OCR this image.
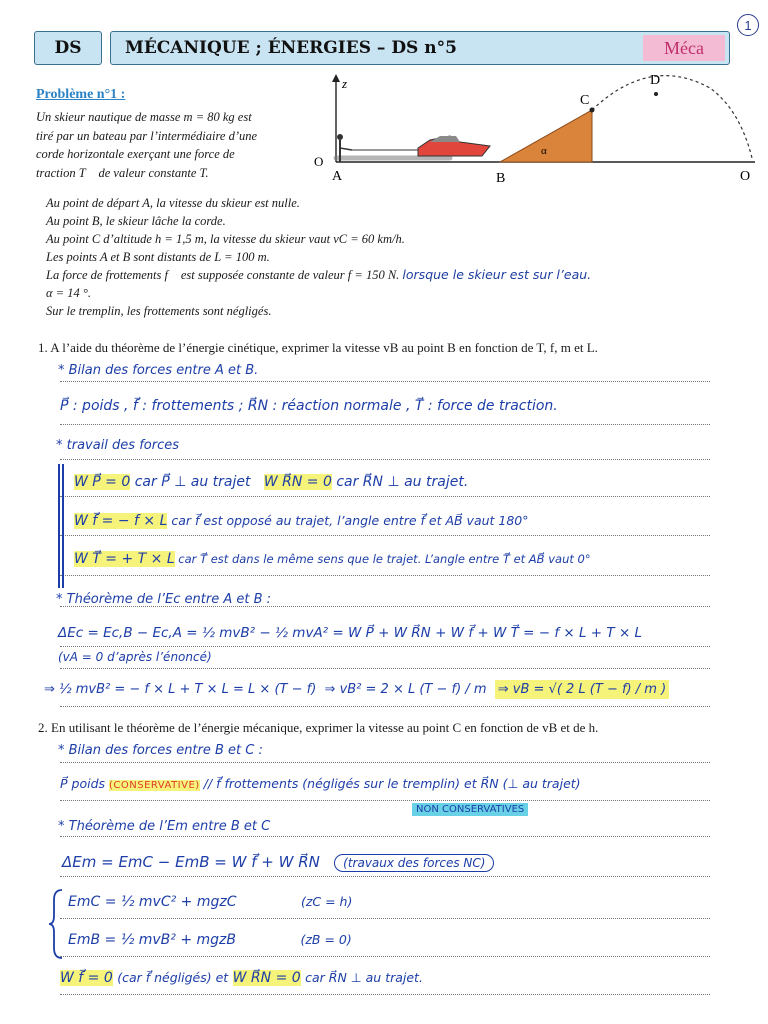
DS	MÉCANIQUE ; ÉNERGIES – DS n°5	Méca
1
Problème n°1 :
Un skieur nautique de masse m = 80 kg est
tiré par un bateau par l’intermédiaire d’une
corde horizontale exerçant une force de
traction T⃗ de valeur constante T.
z
O
α
A	B
C
D
O
Au point de départ A, la vitesse du skieur est nulle.
Au point B, le skieur lâche la corde.
Au point C d’altitude h = 1,5 m, la vitesse du skieur vaut vC = 60 km/h.
Les points A et B sont distants de L = 100 m.
La force de frottements f⃗ est supposée constante de valeur f = 150 N. lorsque le skieur est sur l’eau.
α = 14 °.
Sur le tremplin, les frottements sont négligés.
1. A l’aide du théorème de l’énergie cinétique, exprimer la vitesse vB au point B en fonction de T, f, m et L.
* Bilan des forces entre A et B.
P⃗ : poids , f⃗ : frottements ; R⃗N : réaction normale , T⃗ : force de traction.
* travail des forces
W P⃗ = 0 car P⃗ ⊥ au trajet W R⃗N = 0 car R⃗N ⊥ au trajet.
W f⃗ = − f × L car f⃗ est opposé au trajet, l’angle entre f⃗ et AB⃗ vaut 180°
W T⃗ = + T × L car T⃗ est dans le même sens que le trajet. L’angle entre T⃗ et AB⃗ vaut 0°
* Théorème de l’Ec entre A et B :
ΔEc = Ec,B − Ec,A = ½ mvB² − ½ mvA² = W P⃗ + W R⃗N + W f⃗ + W T⃗ = − f × L + T × L
(vA = 0 d’après l’énoncé)
⇒ ½ mvB² = − f × L + T × L = L × (T − f) ⇒ vB² = 2 × L (T − f) / m ⇒ vB = √( 2 L (T − f) / m )
2. En utilisant le théorème de l’énergie mécanique, exprimer la vitesse au point C en fonction de vB et de h.
* Bilan des forces entre B et C :
P⃗ poids (CONSERVATIVE) // f⃗ frottements (négligés sur le tremplin) et R⃗N (⊥ au trajet)
NON CONSERVATIVES
* Théorème de l’Em entre B et C
ΔEm = EmC − EmB = W f⃗ + W R⃗N (travaux des forces NC)
EmC = ½ mvC² + mgzC	(zC = h)
EmB = ½ mvB² + mgzB	(zB = 0)
W f⃗ = 0 (car f⃗ négligés) et W R⃗N = 0 car R⃗N ⊥ au trajet.
